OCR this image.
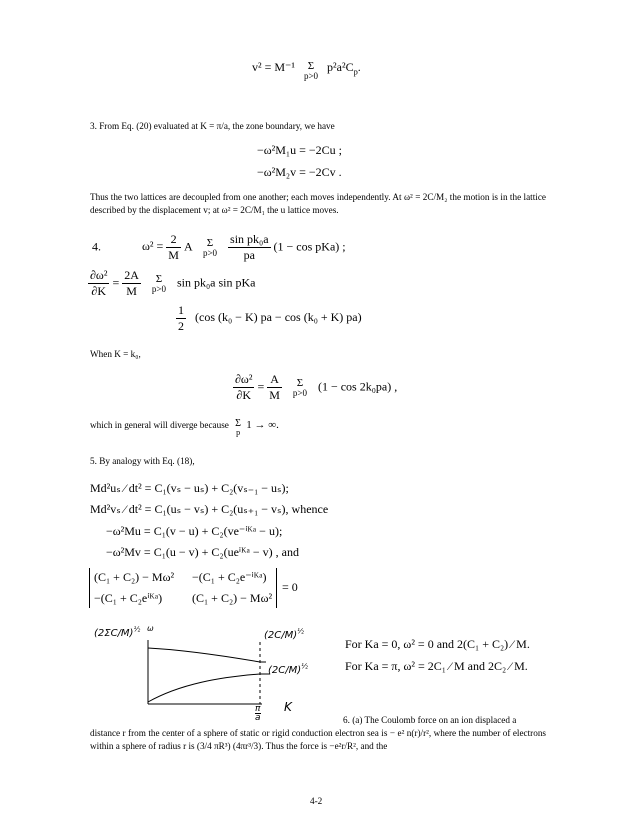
v² = M⁻¹	Σ
p>0
$p^2a^2C_p$.
3. From Eq. (20) evaluated at K = π/a, the zone boundary, we have
−ω²M₁u = −2Cu ;
−ω²M₂v = −2Cv .
Thus the two lattices are decoupled from one another; each moves independently. At ω² = 2C/M₂ the motion is in the lattice described by the displacement v; at ω² = 2C/M₁ the u lattice moves.
4.	$\omega^2 = \frac{2}{M}$ A	Σ
p>0
$\frac{\text{sin pk₀a}}{pa} (1 - \cos pKa)$ ;
$\frac{\text{∂ω²}}{\partial K} = \frac{2A}{M}$
	Σ
p>0 sin pk₀a sin pKa
$\frac{1}{2} (\cos$ (k₀ − K) pa − cos (k₀ + K) pa)
When K = k₀,
$\frac{\text{∂ω²}}{\partial K} = \frac{A}{M}$
	Σ
p>0 (1 − cos 2k₀pa) ,
which in general will diverge because Σ
p
1 → ∞.
5. By analogy with Eq. (18),
Md²uₛ ⁄ dt² = C₁(vₛ − uₛ) + C₂(vₛ₋₁ − uₛ);
Md²vₛ ⁄ dt² = C₁(uₛ − vₛ) + C₂(uₛ₊₁ − vₛ), whence
−ω²Mu = C₁(v − u) + C₂(ve⁻ⁱᴷᵃ − u);
−ω²Mv = C₁(u − v) + C₂(ueⁱᴷᵃ − v) , and
(C₁ + C₂) − Mω² −(C₁ + C₂e⁻ⁱᴷᵃ)
−(C₁ + C₂eⁱᴷᵃ) (C₁ + C₂) − Mω²
= 0
$(2\Sigma C/M)^{\frac{1}{2}}$ ω
$(2C/M)^{\frac{1}{2}}$
$(2C/M)^{\frac{1}{2}}$
π
a
K
For Ka = 0, ω² = 0 and 2(C₁ + C₂) ⁄ M.
For Ka = π, ω² = 2C₁ ⁄ M and 2C₂ ⁄ M.
6. (a) The Coulomb force on an ion displaced a
distance r from the center of a sphere of static or rigid conduction electron sea is − e² n(r)/r², where the number of electrons within a sphere of radius r is (3/4 πR³) (4πr³/3). Thus the force is −e²r/R², and the
4-2
